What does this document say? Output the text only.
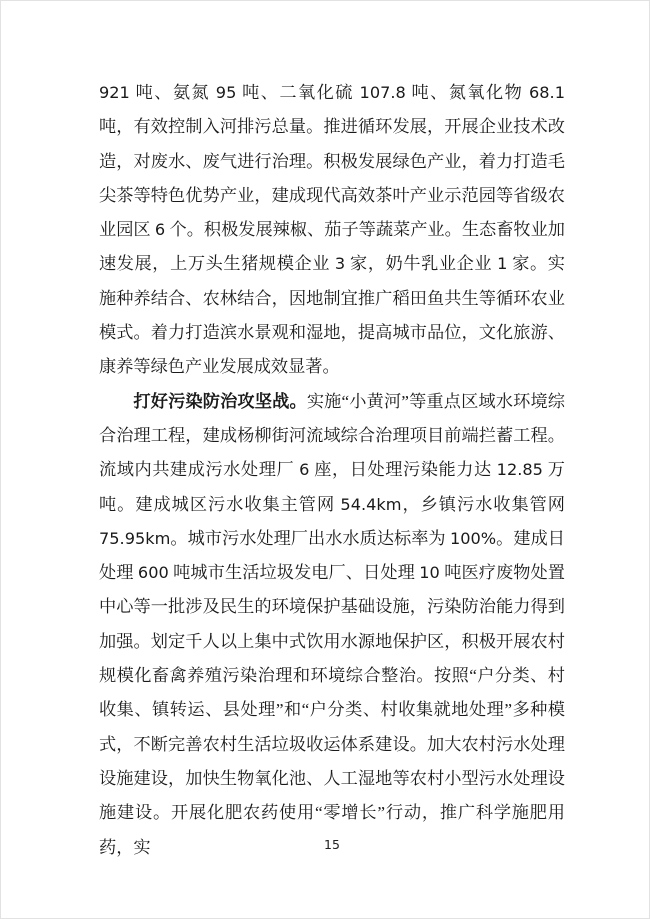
921 吨、氨氮 95 吨、二氧化硫 107.8 吨、氮氧化物 68.1 吨，有效控制入河排污总量。推进循环发展，开展企业技术改造，对废水、废气进行治理。积极发展绿色产业，着力打造毛尖茶等特色优势产业，建成现代高效茶叶产业示范园等省级农业园区 6 个。积极发展辣椒、茄子等蔬菜产业。生态畜牧业加速发展，上万头生猪规模企业 3 家，奶牛乳业企业 1 家。实施种养结合、农林结合，因地制宜推广稻田鱼共生等循环农业模式。着力打造滨水景观和湿地，提高城市品位，文化旅游、康养等绿色产业发展成效显著。

打好污染防治攻坚战。实施“小黄河”等重点区域水环境综合治理工程，建成杨柳街河流域综合治理项目前端拦蓄工程。流域内共建成污水处理厂 6 座，日处理污染能力达 12.85 万吨。建成城区污水收集主管网 54.4km，乡镇污水收集管网 75.95km。城市污水处理厂出水水质达标率为 100%。建成日处理 600 吨城市生活垃圾发电厂、日处理 10 吨医疗废物处置中心等一批涉及民生的环境保护基础设施，污染防治能力得到加强。划定千人以上集中式饮用水源地保护区，积极开展农村规模化畜禽养殖污染治理和环境综合整治。按照“户分类、村收集、镇转运、县处理”和“户分类、村收集就地处理”多种模式，不断完善农村生活垃圾收运体系建设。加大农村污水处理设施建设，加快生物氧化池、人工湿地等农村小型污水处理设施建设。开展化肥农药使用“零增长”行动，推广科学施肥用药，实	15
